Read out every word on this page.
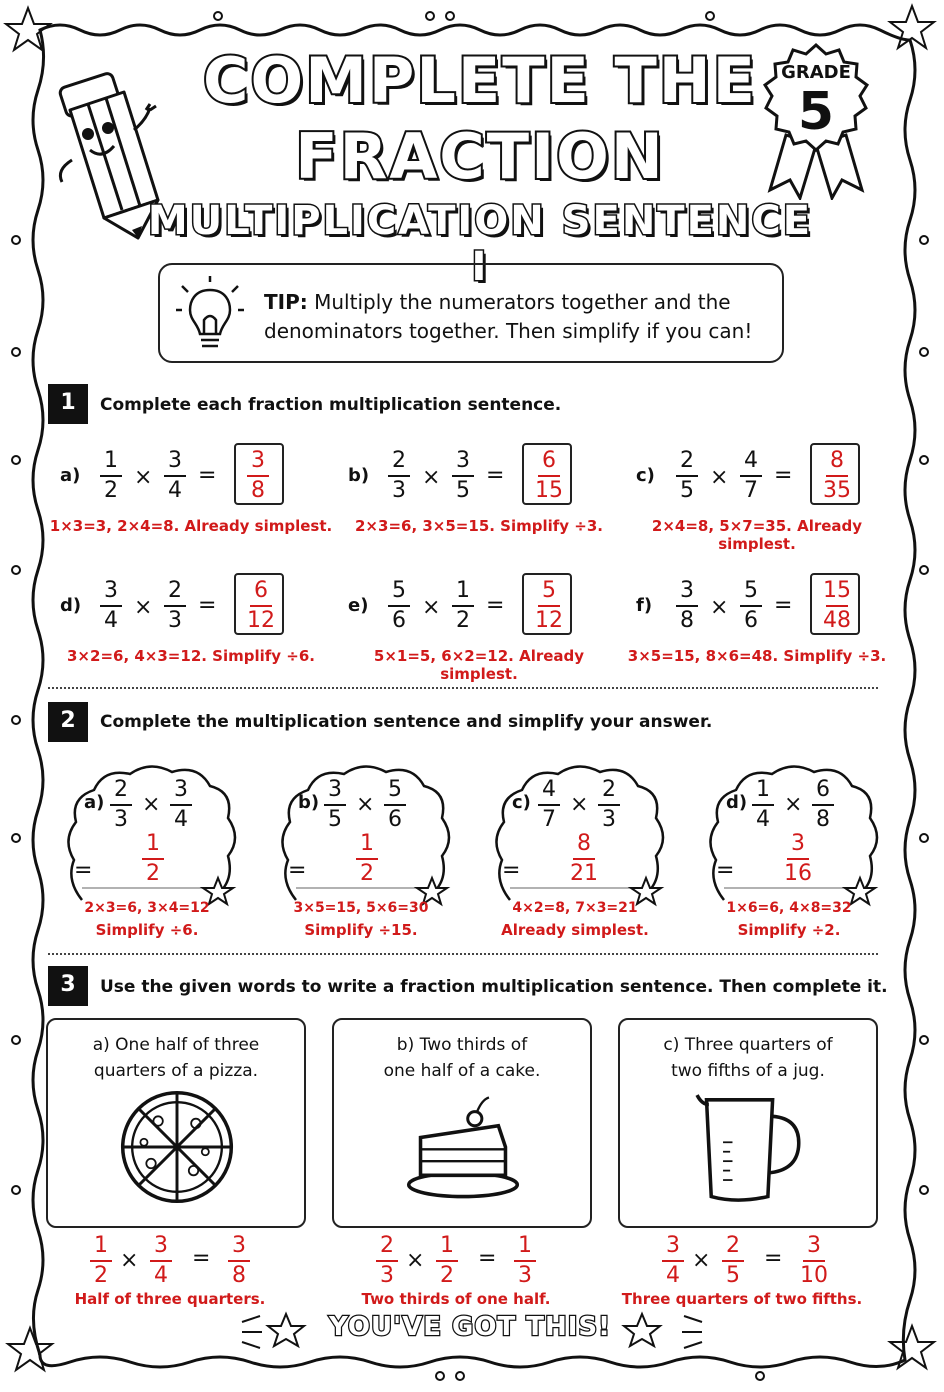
COMPLETE THE
FRACTION
MULTIPLICATION SENTENCE I
GRADE
5
TIP: Multiply the numerators together and the denominators together. Then simplify if you can!
1	Complete each fraction multiplication sentence.
a)
1
2
×
3
4
=
3
8
1×3=3, 2×4=8. Already simplest.
b)
2
3
×
3
5
=
6
15
2×3=6, 3×5=15. Simplify ÷3.
c)
2
5
×
4
7
=
8
35
2×4=8, 5×7=35. Already simplest.
d)
3
4
×
2
3
=
6
12
3×2=6, 4×3=12. Simplify ÷6.
e)
5
6
×
1
2
=
5
12
5×1=5, 6×2=12. Already simplest.
f)
3
8
×
5
6
=
15
48
3×5=15, 8×6=48. Simplify ÷3.
2	Complete the multiplication sentence and simplify your answer.
a)
2
3
×
3
4
=
1
2
2×3=6, 3×4=12
Simplify ÷6.
b)
3
5
×
5
6
=
1
2
3×5=15, 5×6=30
Simplify ÷15.
c)
4
7
×
2
3
=
8
21
4×2=8, 7×3=21
Already simplest.
d)
1
4
×
6
8
=
3
16
1×6=6, 4×8=32
Simplify ÷2.
3	Use the given words to write a fraction multiplication sentence. Then complete it.
a) One half of three
quarters of a pizza.
1
2
×
3
4
=
3
8
Half of three quarters.
b) Two thirds of
one half of a cake.
2
3
×
1
2
=
1
3
Two thirds of one half.
c) Three quarters of
two fifths of a jug.
3
4
×
2
5
=
3
10
Three quarters of two fifths.
YOU'VE GOT THIS!
